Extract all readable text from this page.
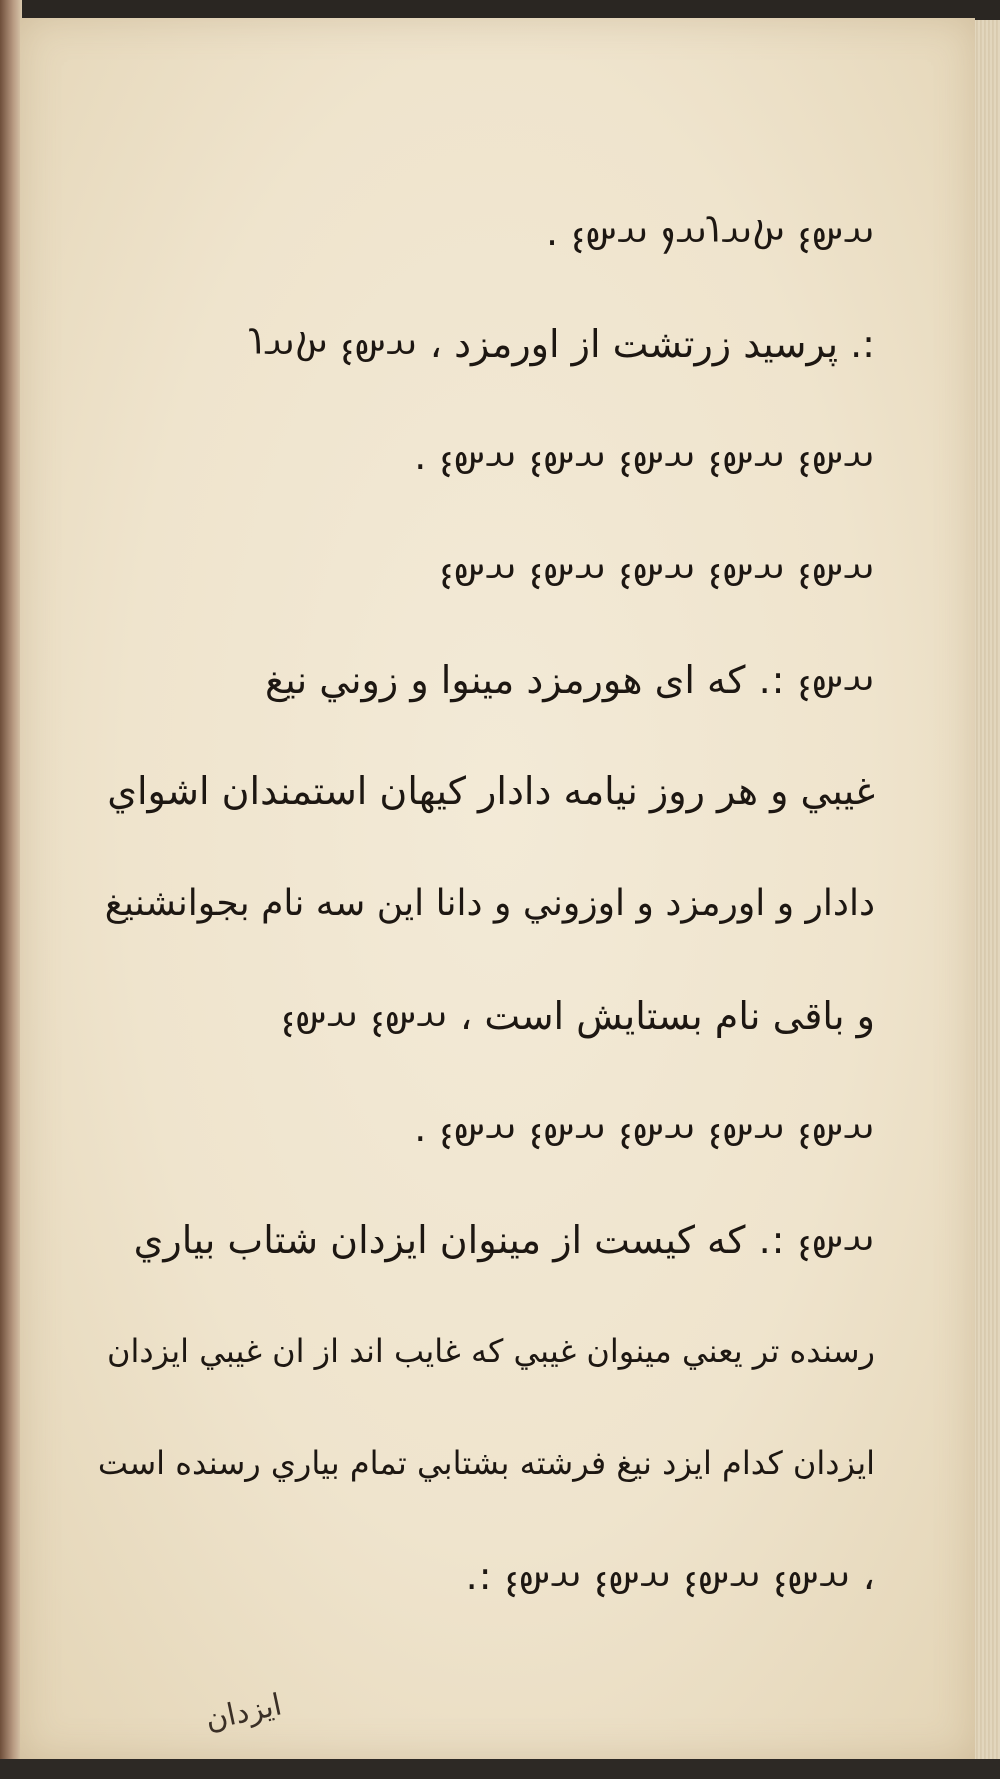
𐬀𐬵𐬆 𐬑𐬀𐬭𐬀𐬐 𐬀𐬵𐬆 .
:. پرسید زرتشت از اورمزد ، 𐬀𐬵𐬆 𐬑𐬀𐬭
𐬀𐬵𐬆 𐬀𐬵𐬆 𐬀𐬵𐬆 𐬀𐬵𐬆 𐬀𐬵𐬆 .
𐬀𐬵𐬆 𐬀𐬵𐬆 𐬀𐬵𐬆 𐬀𐬵𐬆 𐬀𐬵𐬆
𐬀𐬵𐬆 :. که ای هورمزد مینوا و زوني نیغ
غیبي و هر روز نیامه دادار کیهان استمندان اشواي
دادار و اورمزد و اوزوني و دانا این سه نام بجوانشنیغ
و باقی نام بستایش است ، 𐬀𐬵𐬆 𐬀𐬵𐬆
𐬀𐬵𐬆 𐬀𐬵𐬆 𐬀𐬵𐬆 𐬀𐬵𐬆 𐬀𐬵𐬆 .
𐬀𐬵𐬆 :. که کیست از مینوان ایزدان شتاب بیاري
رسنده تر یعني مینوان غیبي که غایب اند از ان غیبي ایزدان
ایزدان کدام ایزد نیغ فرشته بشتابي تمام بیاري رسنده است
، 𐬀𐬵𐬆 𐬀𐬵𐬆 𐬀𐬵𐬆 𐬀𐬵𐬆 :.
ایزدان
